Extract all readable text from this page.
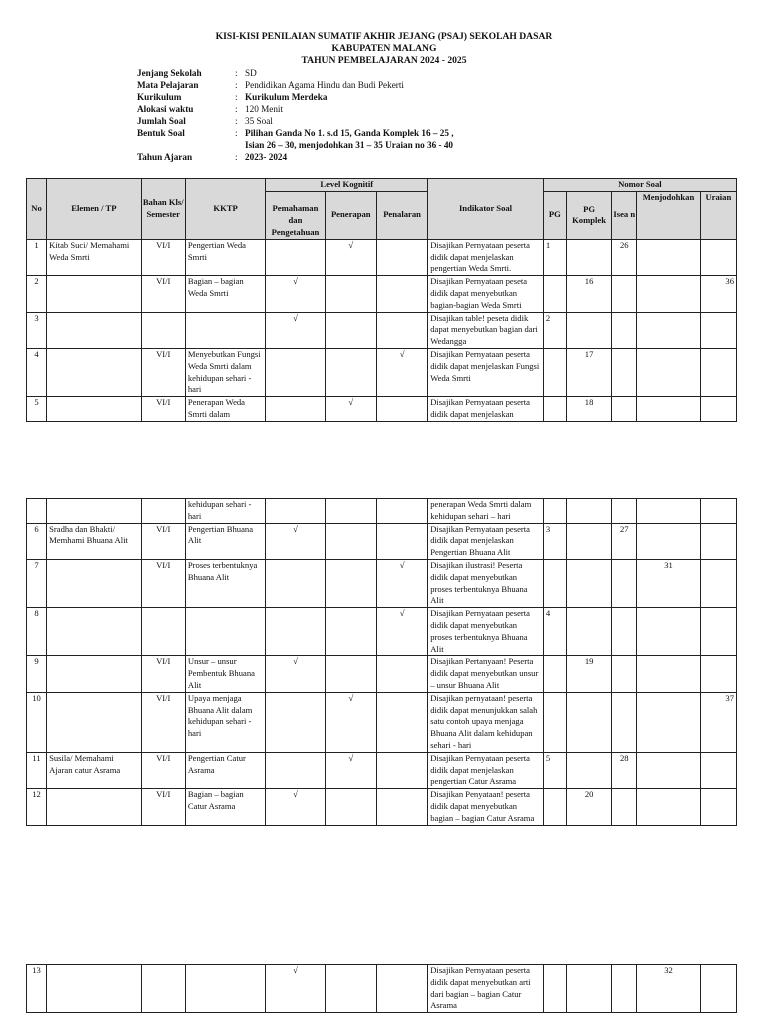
KISI-KISI PENILAIAN SUMATIF AKHIR JEJANG (PSAJ) SEKOLAH DASAR
KABUPATEN MALANG
TAHUN PEMBELAJARAN 2024 - 2025
Jenjang Sekolah	: SD
Mata Pelajaran	: Pendidikan Agama Hindu dan Budi Pekerti
Kurikulum	: Kurikulum Merdeka
Alokasi waktu	: 120 Menit
Jumlah Soal	: 35 Soal
Bentuk Soal	: Pilihan Ganda No 1. s.d 15, Ganda Komplek 16 – 25 ,
Isian 26 – 30, menjodohkan 31 – 35 Uraian no 36 - 40
Tahun Ajaran	: 2023- 2024
No	Elemen / TP	Bahan Kls/ Semester	KKTP	Level Kognitif			Indikator Soal	Nomor Soal				
				Pemahaman dan Pengetahuan	Penerapan	Penalaran		PG	PG Komplek	Isea n	Menjodohkan	Uraian
1	Kitab Suci/ Memahami Weda Smrti	VI/I	Pengertian Weda Smrti		√		Disajikan Pernyataan peserta didik dapat menjelaskan pengertian Weda Smrti.	1		26		
2		VI/I	Bagian – bagian Weda Smrti	√			Disajikan Pernyataan peseta didik dapat menyebutkan bagian-bagian Weda Smrti		16			36
3				√			Disajikan table! peseta didik dapat menyebutkan bagian dari Wedangga	2				
4		VI/I	Menyebutkan Fungsi Weda Smrti dalam kehidupan sehari - hari			√	Disajikan Pernyataan peserta didik dapat menjelaskan Fungsi Weda Smrti		17			
5		VI/I	Penerapan Weda Smrti dalam		√		Disajikan Pernyataan peserta didik dapat menjelaskan		18			
			kehidupan sehari - hari				penerapan Weda Smrti dalam kehidupan sehari – hari					
6	Sradha dan Bhakti/ Memhami Bhuana Alit	VI/I	Pengertian Bhuana Alit	√			Disajikan Pernyataan peserta didik dapat menjelaskan Pengertian Bhuana Alit	3		27		
7		VI/I	Proses terbentuknya Bhuana Alit			√	Disajikan ilustrasi! Peserta didik dapat menyebutkan proses terbentuknya Bhuana Alit				31	
8						√	Disajikan Pernyataan peserta didik dapat menyebutkan proses terbentuknya Bhuana Alit	4				
9		VI/I	Unsur – unsur Pembentuk Bhuana Alit	√			Disajikan Pertanyaan! Peserta didik dapat menyebutkan unsur – unsur Bhuana Alit		19			
10		VI/I	Upaya menjaga Bhuana Alit dalam kehidupan sehari - hari		√		Disajikan pernyataan! peserta didik dapat menunjukkan salah satu contoh upaya menjaga Bhuana Alit dalam kehidupan sehari - hari					37
11	Susila/ Memahami Ajaran catur Asrama	VI/I	Pengertian Catur Asrama		√		Disajikan Pernyataan peserta didik dapat menjelaskan pengertian Catur Asrama	5		28		
12		VI/I	Bagian – bagian Catur Asrama	√			Disajikan Penyataan! peserta didik dapat menyebutkan bagian – bagian Catur Asrama		20			
13				√			Disajikan Pernyataan peserta didik dapat menyebutkan arti dari bagian – bagian Catur Asrama				32	
